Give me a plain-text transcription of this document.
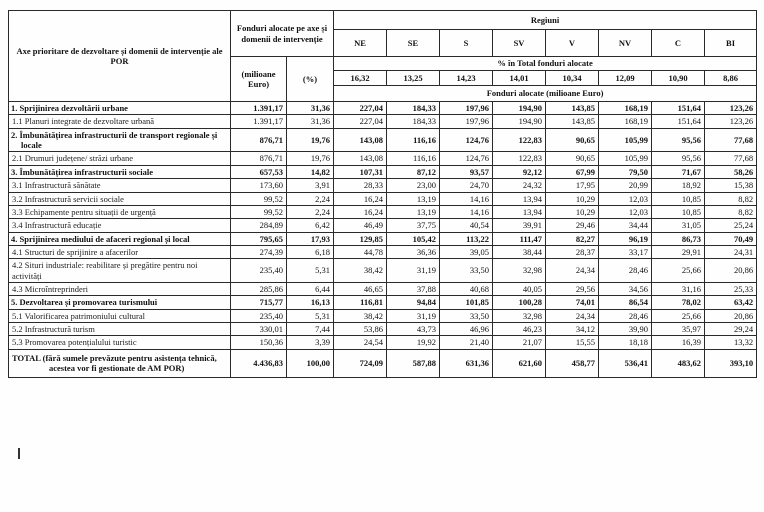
Axe prioritare de dezvoltare și domenii de intervenție ale POR	Fonduri alocate pe axe și domenii de intervenție		Regiuni							
			NE	SE	S	SV	V	NV	C	BI
	(milioane Euro)	(%)	% în Total fonduri alocate							
			16,32	13,25	14,23	14,01	10,34	12,09	10,90	8,86
			Fonduri alocate (milioane Euro)							
1. Sprijinirea dezvoltării urbane	1.391,17	31,36	227,04	184,33	197,96	194,90	143,85	168,19	151,64	123,26
1.1 Planuri integrate de dezvoltare urbană	1.391,17	31,36	227,04	184,33	197,96	194,90	143,85	168,19	151,64	123,26
2. Îmbunătățirea infrastructurii de transport regionale și locale	876,71	19,76	143,08	116,16	124,76	122,83	90,65	105,99	95,56	77,68
2.1 Drumuri județene/ străzi urbane	876,71	19,76	143,08	116,16	124,76	122,83	90,65	105,99	95,56	77,68
3. Îmbunătățirea infrastructurii sociale	657,53	14,82	107,31	87,12	93,57	92,12	67,99	79,50	71,67	58,26
3.1 Infrastructură sănătate	173,60	3,91	28,33	23,00	24,70	24,32	17,95	20,99	18,92	15,38
3.2 Infrastructură servicii sociale	99,52	2,24	16,24	13,19	14,16	13,94	10,29	12,03	10,85	8,82
3.3 Echipamente pentru situații de urgență	99,52	2,24	16,24	13,19	14,16	13,94	10,29	12,03	10,85	8,82
3.4 Infrastructură educație	284,89	6,42	46,49	37,75	40,54	39,91	29,46	34,44	31,05	25,24
4. Sprijinirea mediului de afaceri regional și local	795,65	17,93	129,85	105,42	113,22	111,47	82,27	96,19	86,73	70,49
4.1 Structuri de sprijinire a afacerilor	274,39	6,18	44,78	36,36	39,05	38,44	28,37	33,17	29,91	24,31
4.2 Situri industriale: reabilitare și pregătire pentru noi activități	235,40	5,31	38,42	31,19	33,50	32,98	24,34	28,46	25,66	20,86
4.3 Microîntreprinderi	285,86	6,44	46,65	37,88	40,68	40,05	29,56	34,56	31,16	25,33
5. Dezvoltarea și promovarea turismului	715,77	16,13	116,81	94,84	101,85	100,28	74,01	86,54	78,02	63,42
5.1 Valorificarea patrimoniului cultural	235,40	5,31	38,42	31,19	33,50	32,98	24,34	28,46	25,66	20,86
5.2 Infrastructură turism	330,01	7,44	53,86	43,73	46,96	46,23	34,12	39,90	35,97	29,24
5.3 Promovarea potențialului turistic	150,36	3,39	24,54	19,92	21,40	21,07	15,55	18,18	16,39	13,32
TOTAL (fără sumele prevăzute pentru asistența tehnică, acestea vor fi gestionate de AM POR)	4.436,83	100,00	724,09	587,88	631,36	621,60	458,77	536,41	483,62	393,10
